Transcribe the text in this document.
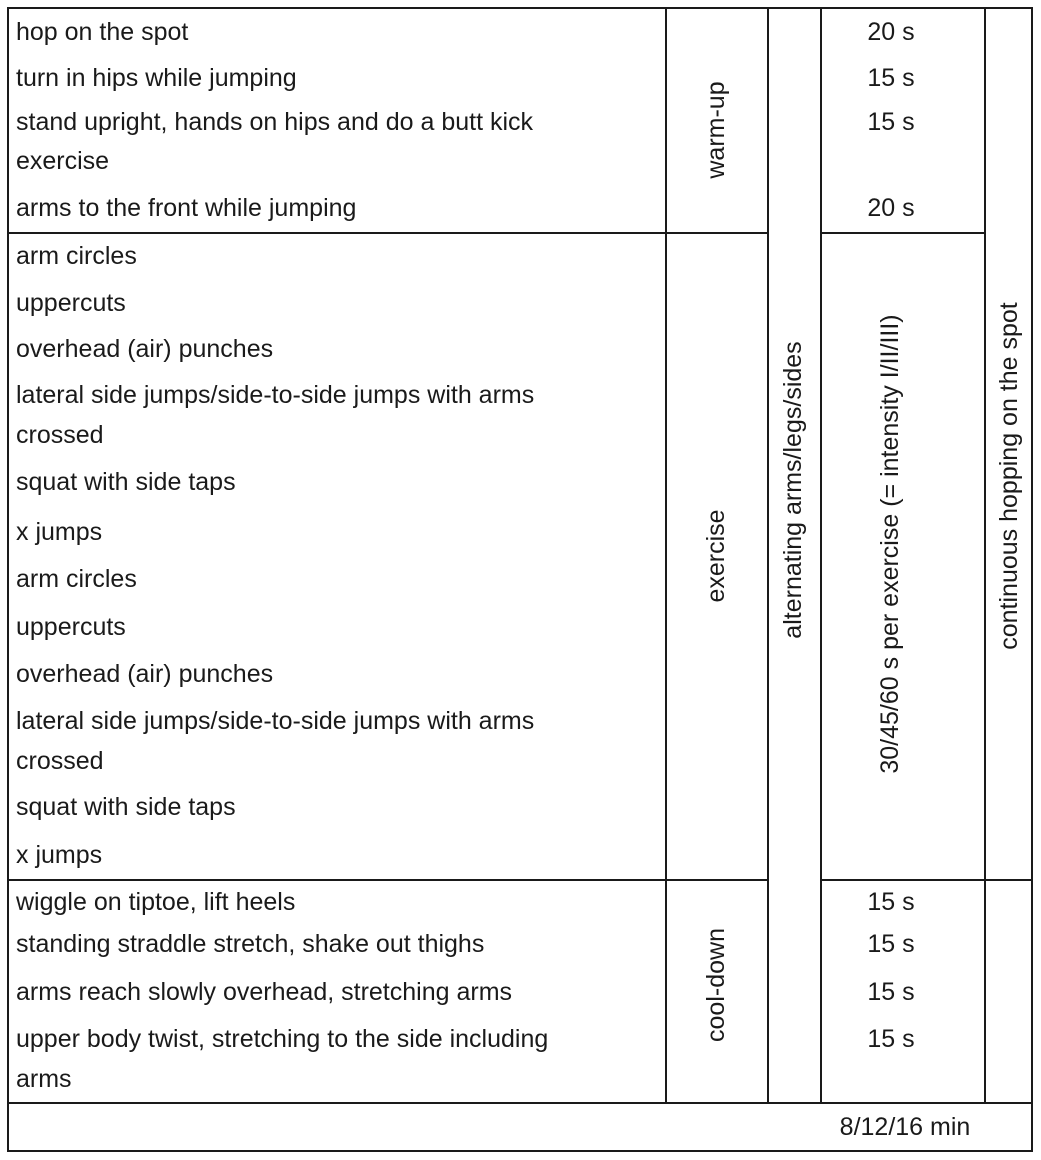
hop on the spot
turn in hips while jumping
stand upright, hands on hips and do a butt kick
exercise
arms to the front while jumping
20 s
15 s
15 s
20 s
warm-up
arm circles
uppercuts
overhead (air) punches
lateral side jumps/side-to-side jumps with arms
crossed
squat with side taps
x jumps
arm circles
uppercuts
overhead (air) punches
lateral side jumps/side-to-side jumps with arms
crossed
squat with side taps
x jumps
exercise	30/45/60 s per exercise (= intensity I/II/III)
wiggle on tiptoe, lift heels
standing straddle stretch, shake out thighs
arms reach slowly overhead, stretching arms
upper body twist, stretching to the side including
arms
15 s
15 s
15 s
15 s
cool-down
alternating arms/legs/sides	continuous hopping on the spot
8/12/16 min
